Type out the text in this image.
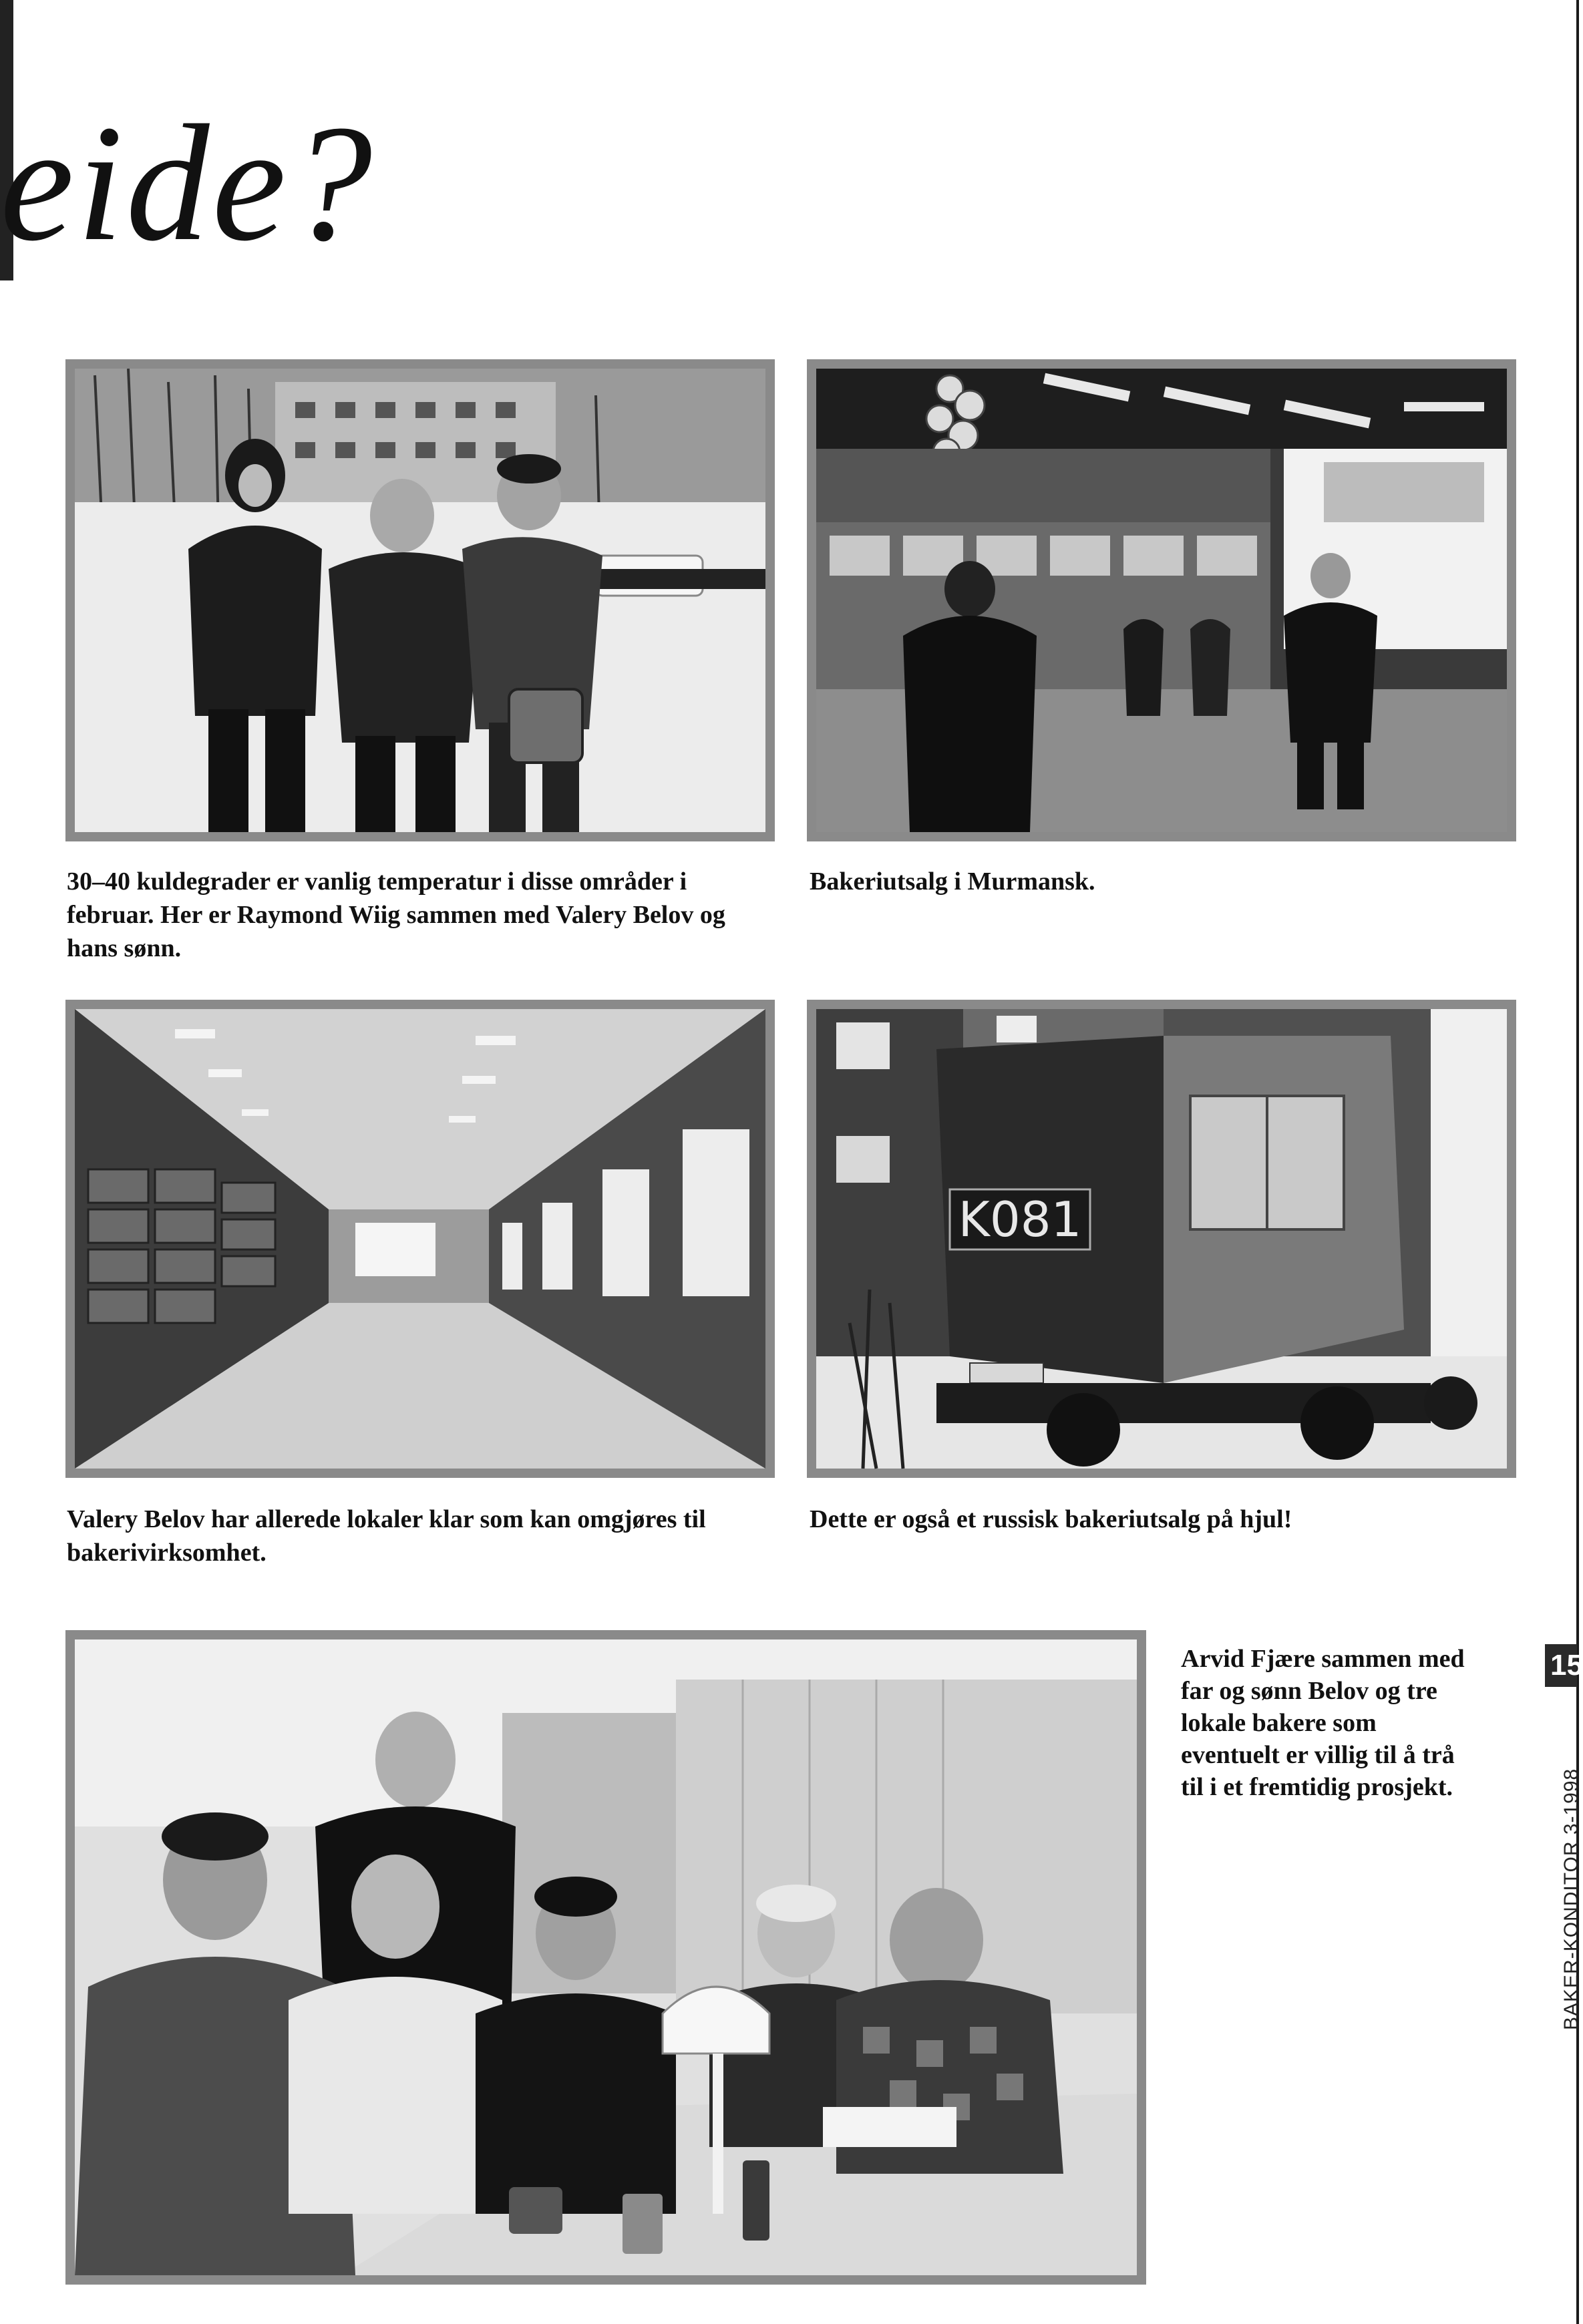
eide?
30–40 kuldegrader er vanlig temperatur i disse områder i februar. Her er Raymond Wiig sammen med Valery Belov og hans sønn.
Bakeriutsalg i Murmansk.
Valery Belov har allerede lokaler klar som kan omgjøres til bakerivirksomhet.
K081
Dette er også et russisk bakeriutsalg på hjul!
Arvid Fjære sammen med far og sønn Belov og tre lokale bakere som eventuelt er villig til å trå til i et fremtidig prosjekt.
15
BAKER-KONDITOR 3-1998
